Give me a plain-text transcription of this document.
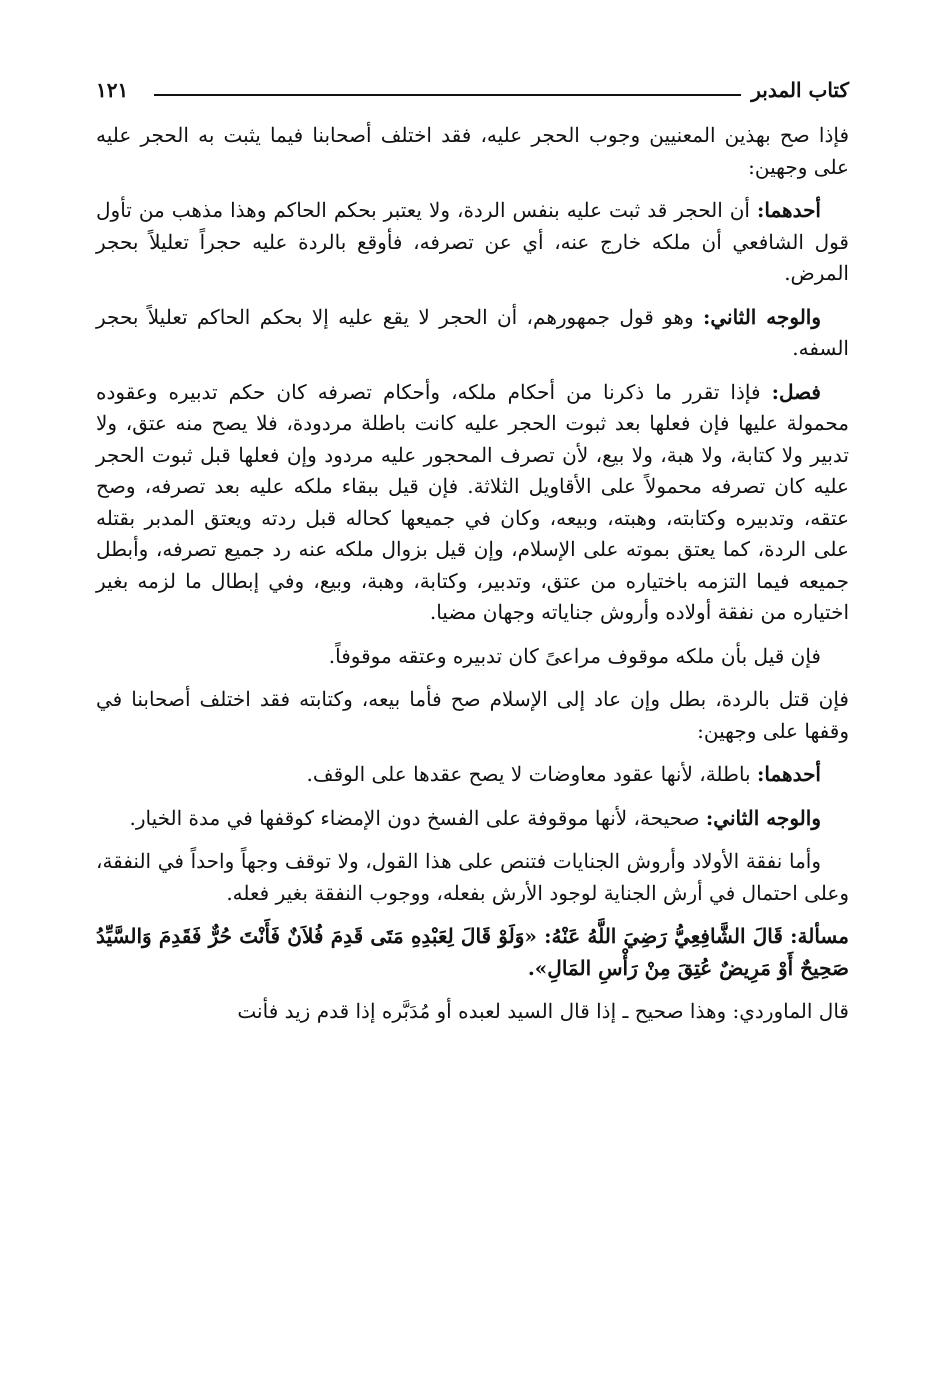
كتاب المدبر
١٢١

فإذا صح بهذين المعنيين وجوب الحجر عليه، فقد اختلف أصحابنا فيما يثبت به الحجر عليه على وجهين:

أحدهما: أن الحجر قد ثبت عليه بنفس الردة، ولا يعتبر بحكم الحاكم وهذا مذهب من تأول قول الشافعي أن ملكه خارج عنه، أي عن تصرفه، فأوقع بالردة عليه حجراً تعليلاً بحجر المرض.

والوجه الثاني: وهو قول جمهورهم، أن الحجر لا يقع عليه إلا بحكم الحاكم تعليلاً بحجر السفه.

فصل: فإذا تقرر ما ذكرنا من أحكام ملكه، وأحكام تصرفه كان حكم تدبيره وعقوده محمولة عليها فإن فعلها بعد ثبوت الحجر عليه كانت باطلة مردودة، فلا يصح منه عتق، ولا تدبير ولا كتابة، ولا هبة، ولا بيع، لأن تصرف المحجور عليه مردود وإن فعلها قبل ثبوت الحجر عليه كان تصرفه محمولاً على الأقاويل الثلاثة. فإن قيل ببقاء ملكه عليه بعد تصرفه، وصح عتقه، وتدبيره وكتابته، وهبته، وبيعه، وكان في جميعها كحاله قبل ردته ويعتق المدبر بقتله على الردة، كما يعتق بموته على الإسلام، وإن قيل بزوال ملكه عنه رد جميع تصرفه، وأبطل جميعه فيما التزمه باختياره من عتق، وتدبير، وكتابة، وهبة، وبيع، وفي إبطال ما لزمه بغير اختياره من نفقة أولاده وأروش جناياته وجهان مضيا.

فإن قيل بأن ملكه موقوف مراعىً كان تدبيره وعتقه موقوفاً.

فإن قتل بالردة، بطل وإن عاد إلى الإسلام صح فأما بيعه، وكتابته فقد اختلف أصحابنا في وقفها على وجهين:

أحدهما: باطلة، لأنها عقود معاوضات لا يصح عقدها على الوقف.

والوجه الثاني: صحيحة، لأنها موقوفة على الفسخ دون الإمضاء كوقفها في مدة الخيار.

وأما نفقة الأولاد وأروش الجنايات فتنص على هذا القول، ولا توقف وجهاً واحداً في النفقة، وعلى احتمال في أرش الجناية لوجود الأرش بفعله، ووجوب النفقة بغير فعله.

مسألة: قَالَ الشَّافِعِيُّ رَضِيَ اللَّهُ عَنْهُ: «وَلَوْ قَالَ لِعَبْدِهِ مَتَى قَدِمَ فُلاَنٌ فَأَنْتَ حُرٌّ فَقَدِمَ وَالسَّيِّدُ صَحِيحٌ أَوْ مَرِيضٌ عُتِقَ مِنْ رَأْسِ المَالِ».

قال الماوردي: وهذا صحيح ـ إذا قال السيد لعبده أو مُدَبَّره إذا قدم زيد فأنت
